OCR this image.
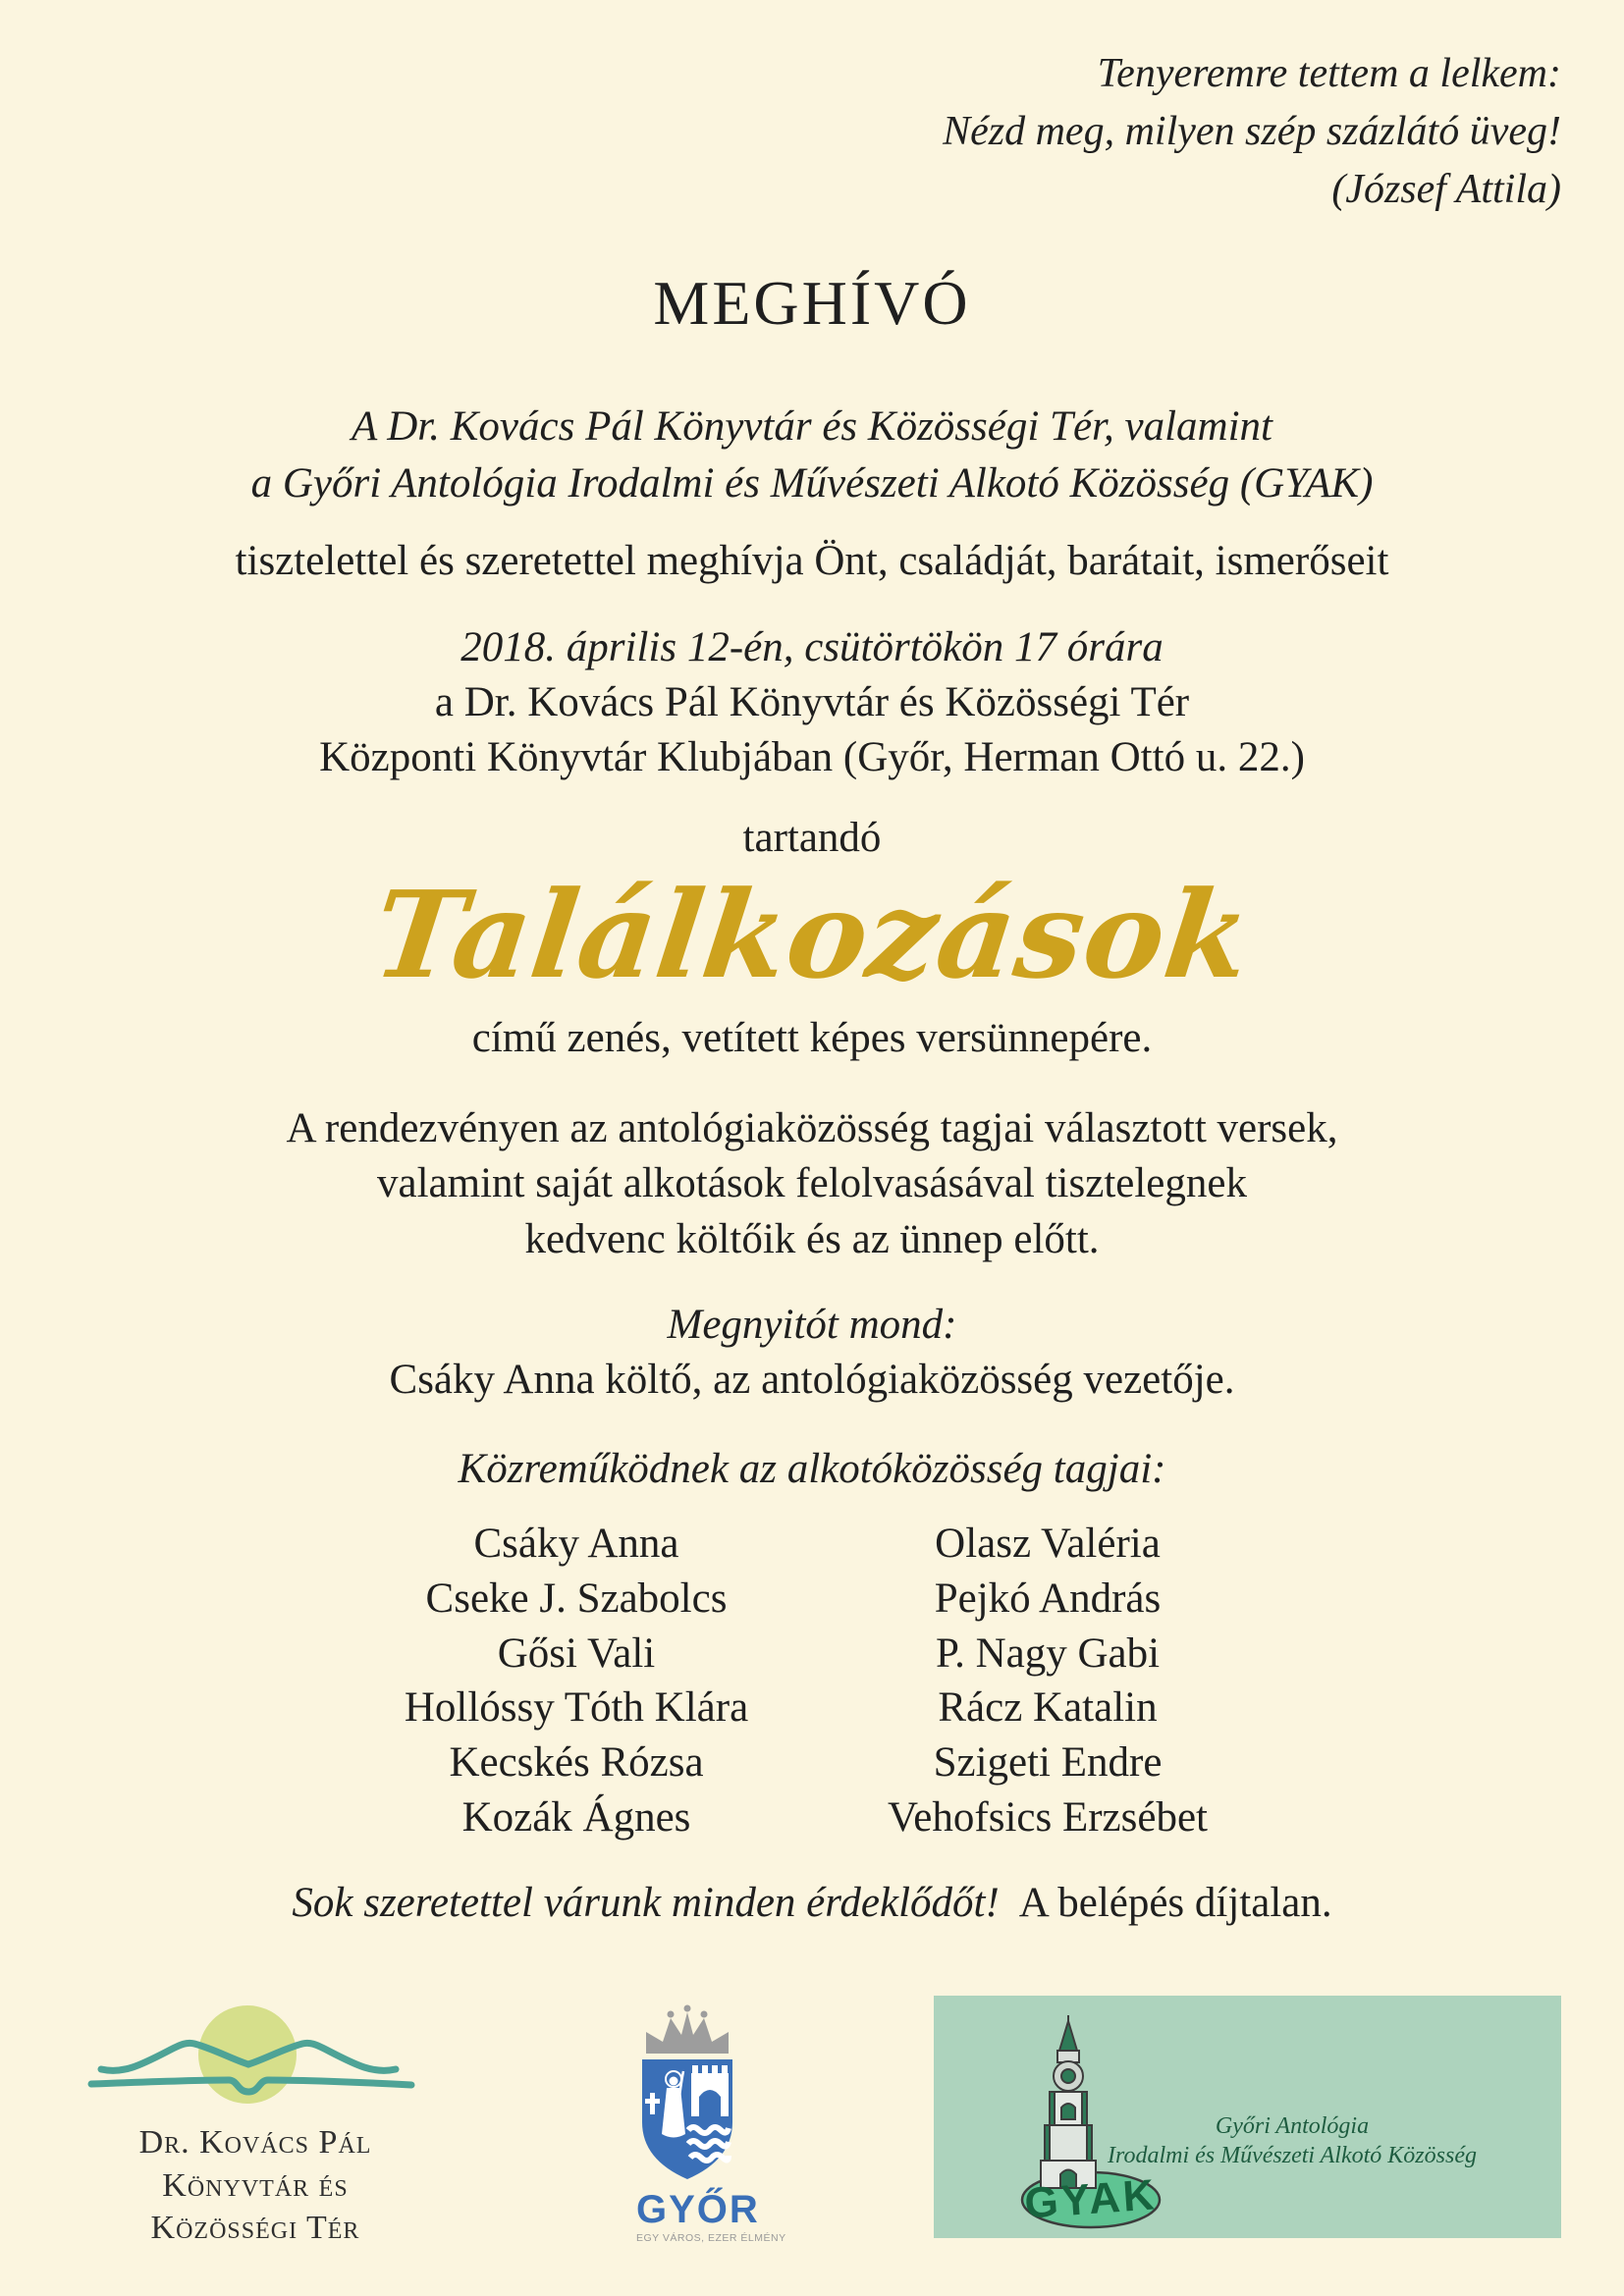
Tenyeremre tettem a lelkem:
Nézd meg, milyen szép százlátó üveg!
(József Attila)
MEGHÍVÓ
A Dr. Kovács Pál Könyvtár és Közösségi Tér, valamint
a Győri Antológia Irodalmi és Művészeti Alkotó Közösség (GYAK)
tisztelettel és szeretettel meghívja Önt, családját, barátait, ismerőseit
2018. április 12-én, csütörtökön 17 órára
a Dr. Kovács Pál Könyvtár és Közösségi Tér
Központi Könyvtár Klubjában (Győr, Herman Ottó u. 22.)
tartandó
Találkozások
című zenés, vetített képes versünnepére.
A rendezvényen az antológiaközösség tagjai választott versek,
valamint saját alkotások felolvasásával tisztelegnek
kedvenc költőik és az ünnep előtt.
Megnyitót mond:
Csáky Anna költő, az antológiaközösség vezetője.
Közreműködnek az alkotóközösség tagjai:
Csáky Anna
Cseke J. Szabolcs
Gősi Vali
Hollóssy Tóth Klára
Kecskés Rózsa
Kozák Ágnes
Olasz Valéria
Pejkó András
P. Nagy Gabi
Rácz Katalin
Szigeti Endre
Vehofsics Erzsébet
Sok szeretettel várunk minden érdeklődőt! A belépés díjtalan.
Dr. Kovács Pál
Könyvtár és
Közösségi Tér	GYŐR
EGY VÁROS, EZER ÉLMÉNY
GYAK
Győri Antológia
Irodalmi és Művészeti Alkotó Közösség
